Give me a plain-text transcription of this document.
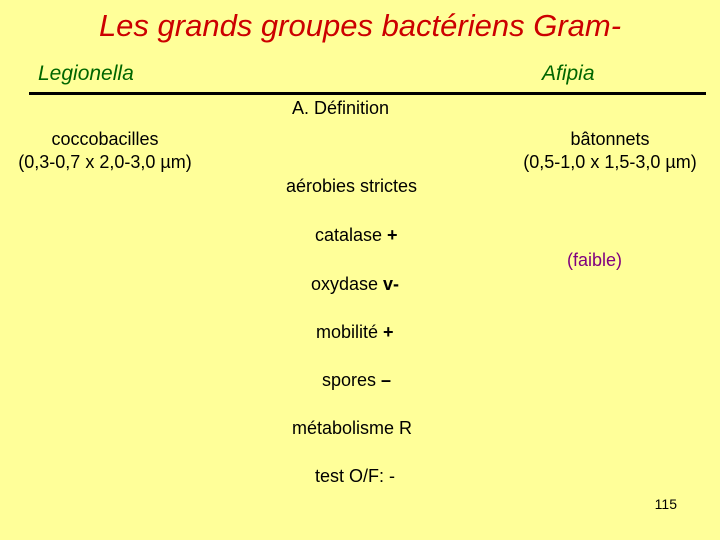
Les grands groupes bactériens Gram-
Legionella	Afipia
A. Définition
coccobacilles
(0,3-0,7 x 2,0-3,0 µm)
bâtonnets
(0,5-1,0 x 1,5-3,0 µm)
aérobies strictes
catalase +
(faible)
oxydase v-
mobilité +
spores –
métabolisme R
test O/F: -
115
